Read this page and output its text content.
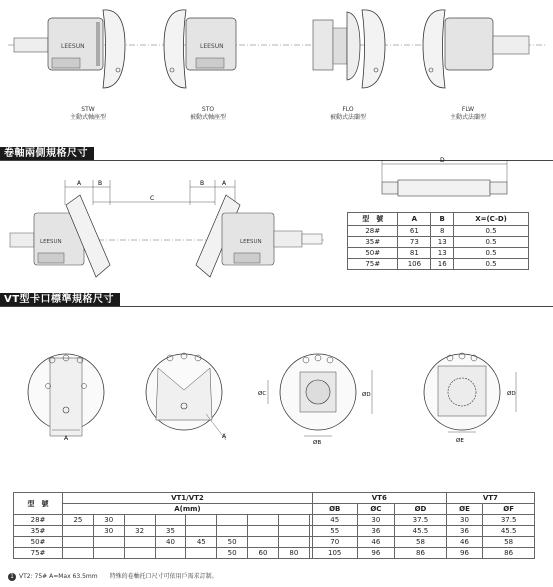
LEESUN	LEESUN
STW
主動式軸座型
STO
被動式軸座型
FLO
被動式法蘭型
FLW
主動式法蘭型
卷軸兩側規格尺寸
A	B
C
B	A
LEESUN	LEESUN
D
型　號	A	B	X=(C-D)
28#	61	8	0.5
35#	73	13	0.5
50#	81	13	0.5
75#	106	16	0.5
VT型卡口標準規格尺寸
A	A
ØC	ØD
ØB
ØD
ØE
型　號	VT1/VT2									VT6			VT7	
	A(mm)									ØB	ØC	ØD	ØE	ØF
28#	25	30								45	30	37.5	30	37.5
35#		30	32	35						55	36	45.5	36	45.5
50#				40	45	50				70	46	58	46	58
75#						50	60	80		105	96	86	96	86
1 VT2: 75# A=Max 63.5mm　　特殊的卷軸托口尺寸可依用戶需求訂制。
